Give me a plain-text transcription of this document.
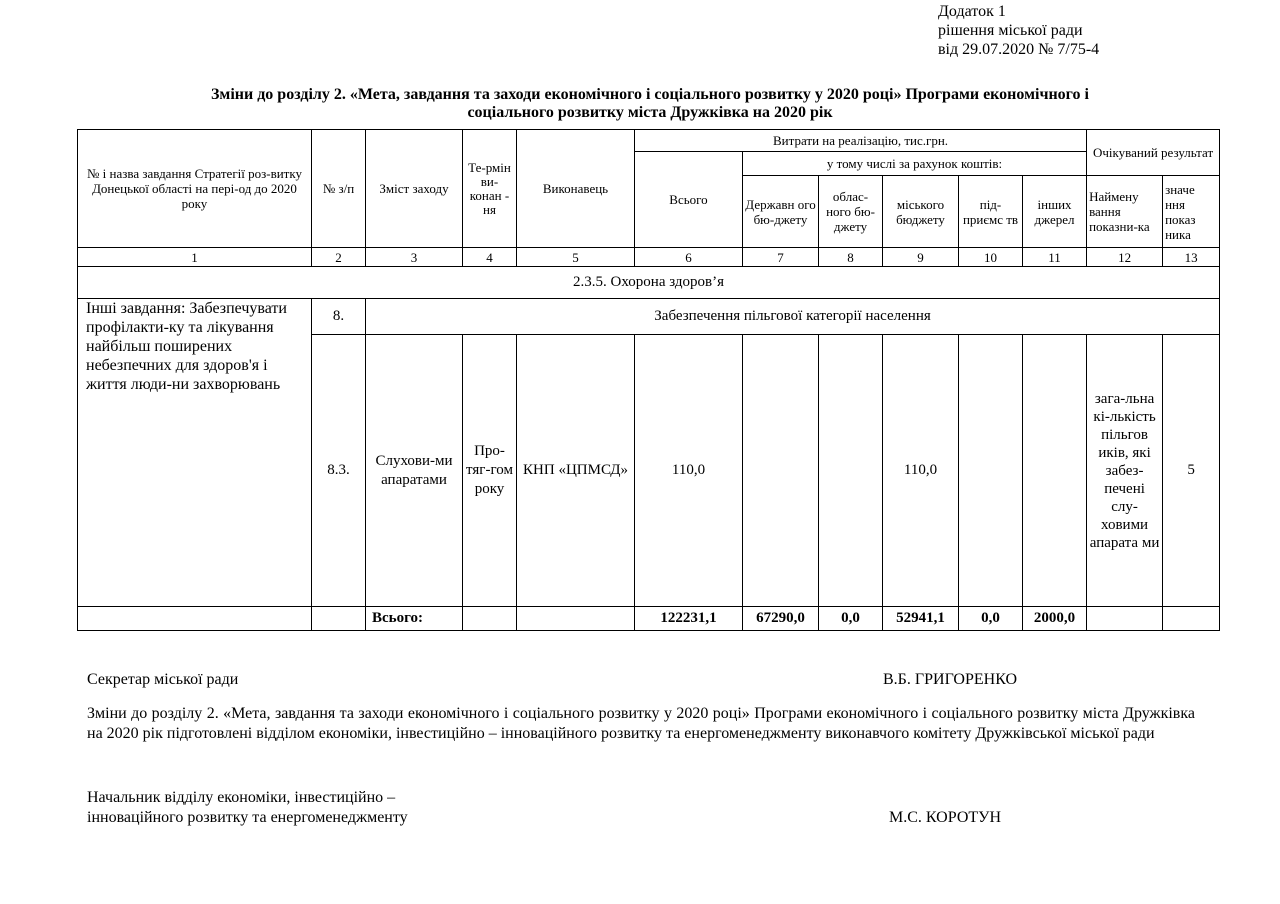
Додаток 1
рішення міської ради
від 29.07.2020 № 7/75-4
Зміни до розділу 2. «Мета, завдання та заходи економічного і соціального розвитку у 2020 році» Програми економічного і
соціального розвитку міста Дружківка на 2020 рік
№ і назва завдання Стратегії роз-витку Донецької області на пері-од до 2020 року	№ з/п	Зміст заходу	Те-рмін ви-конан - ня	Виконавець	Витрати на реалізацію, тис.грн.						Очікуваний результат	
					Всього	у тому числі за рахунок коштів:						
						Державн ого бю-джету	облас-ного бю-джету	міського бюджету	під-приємс тв	інших джерел	Наймену вання показни-ка	значе ння показ ника
1	2	3	4	5	6	7	8	9	10	11	12	13
2.3.5. Охорона здоров’я												
Інші завдання: Забезпечувати профілакти-ку та лікування найбільш поширених небезпечних для здоров'я і життя люди-ни захворювань	8.	Забезпечення пільгової категорії населення										
	8.3.	Слухови-ми апаратами	Про-тяг-гом року	КНП «ЦПМСД»	110,0			110,0			зага-льна кі-лькість пільгов иків, які забез-печені слу-ховими апарата ми	5
		Всього:			122231,1	67290,0	0,0	52941,1	0,0	2000,0		
Секретар міської ради	В.Б. ГРИГОРЕНКО
Зміни до розділу 2. «Мета, завдання та заходи економічного і соціального розвитку у 2020 році» Програми економічного і соціального розвитку міста Дружківка на 2020 рік підготовлені відділом економіки, інвестиційно – інноваційного розвитку та енергоменеджменту виконавчого комітету Дружківської міської ради
Начальник відділу економіки, інвестиційно –
інноваційного розвитку та енергоменеджменту	М.С. КОРОТУН
